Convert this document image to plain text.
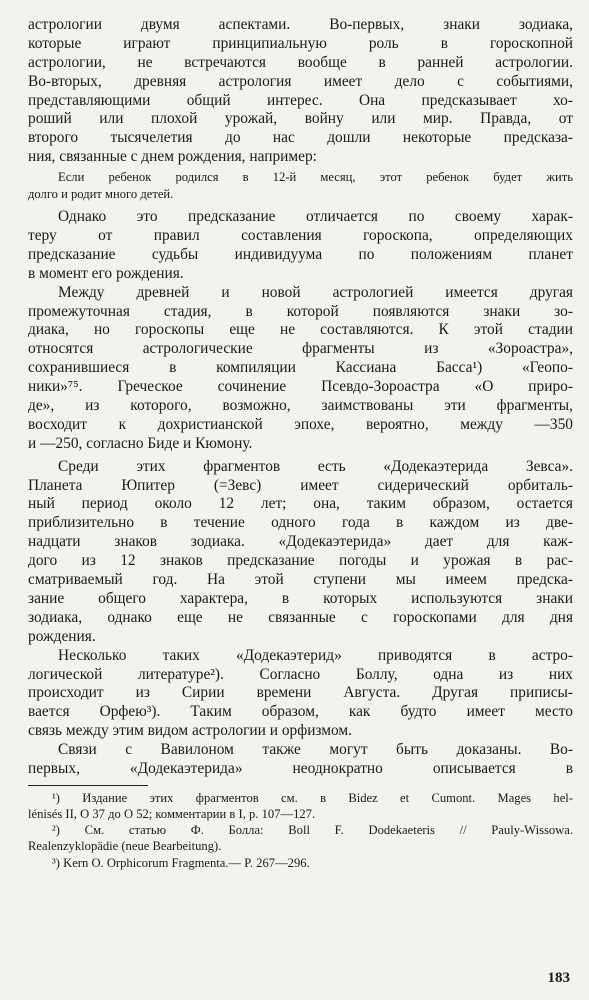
астрологии двумя аспектами. Во-первых, знаки зодиака,
которые играют принципиальную роль в гороскопной
астрологии, не встречаются вообще в ранней астрологии.
Во-вторых, древняя астрология имеет дело с событиями,
представляющими общий интерес. Она предсказывает хо-
роший или плохой урожай, войну или мир. Правда, от
второго тысячелетия до нас дошли некоторые предсказа-
ния, связанные с днем рождения, например:
Если ребенок родился в 12-й месяц, этот ребенок будет жить
долго и родит много детей.
Однако это предсказание отличается по своему харак-
теру от правил составления гороскопа, определяющих
предсказание судьбы индивидуума по положениям планет
в момент его рождения.
Между древней и новой астрологией имеется другая
промежуточная стадия, в которой появляются знаки зо-
диака, но гороскопы еще не составляются. К этой стадии
относятся астрологические фрагменты из «Зороастра»,
сохранившиеся в компиляции Кассиана Басса¹) «Геопо-
ники»⁷⁵. Греческое сочинение Псевдо-Зороастра «О приро-
де», из которого, возможно, заимствованы эти фрагменты,
восходит к дохристианской эпохе, вероятно, между —350
и —250, согласно Биде и Кюмону.
Среди этих фрагментов есть «Додекаэтерида Зевса».
Планета Юпитер (=Зевс) имеет сидерический орбиталь-
ный период около 12 лет; она, таким образом, остается
приблизительно в течение одного года в каждом из две-
надцати знаков зодиака. «Додекаэтерида» дает для каж-
дого из 12 знаков предсказание погоды и урожая в рас-
сматриваемый год. На этой ступени мы имеем предска-
зание общего характера, в которых используются знаки
зодиака, однако еще не связанные с гороскопами для дня
рождения.
Несколько таких «Додекаэтерид» приводятся в астро-
логической литературе²). Согласно Боллу, одна из них
происходит из Сирии времени Августа. Другая приписы-
вается Орфею³). Таким образом, как будто имеет место
связь между этим видом астрологии и орфизмом.
Связи с Вавилоном также могут быть доказаны. Во-
первых, «Додекаэтерида» неоднократно описывается в
¹) Издание этих фрагментов см. в Bidez et Cumont. Mages hel-
lénisés II, O 37 до O 52; комментарии в I, p. 107—127.
²) См. статью Ф. Болла: Boll F. Dodekaeteris // Pauly-Wissowa.
Realenzyklopädie (neue Bearbeitung).
³) Kern O. Orphicorum Fragmenta.— P. 267—296.
183
